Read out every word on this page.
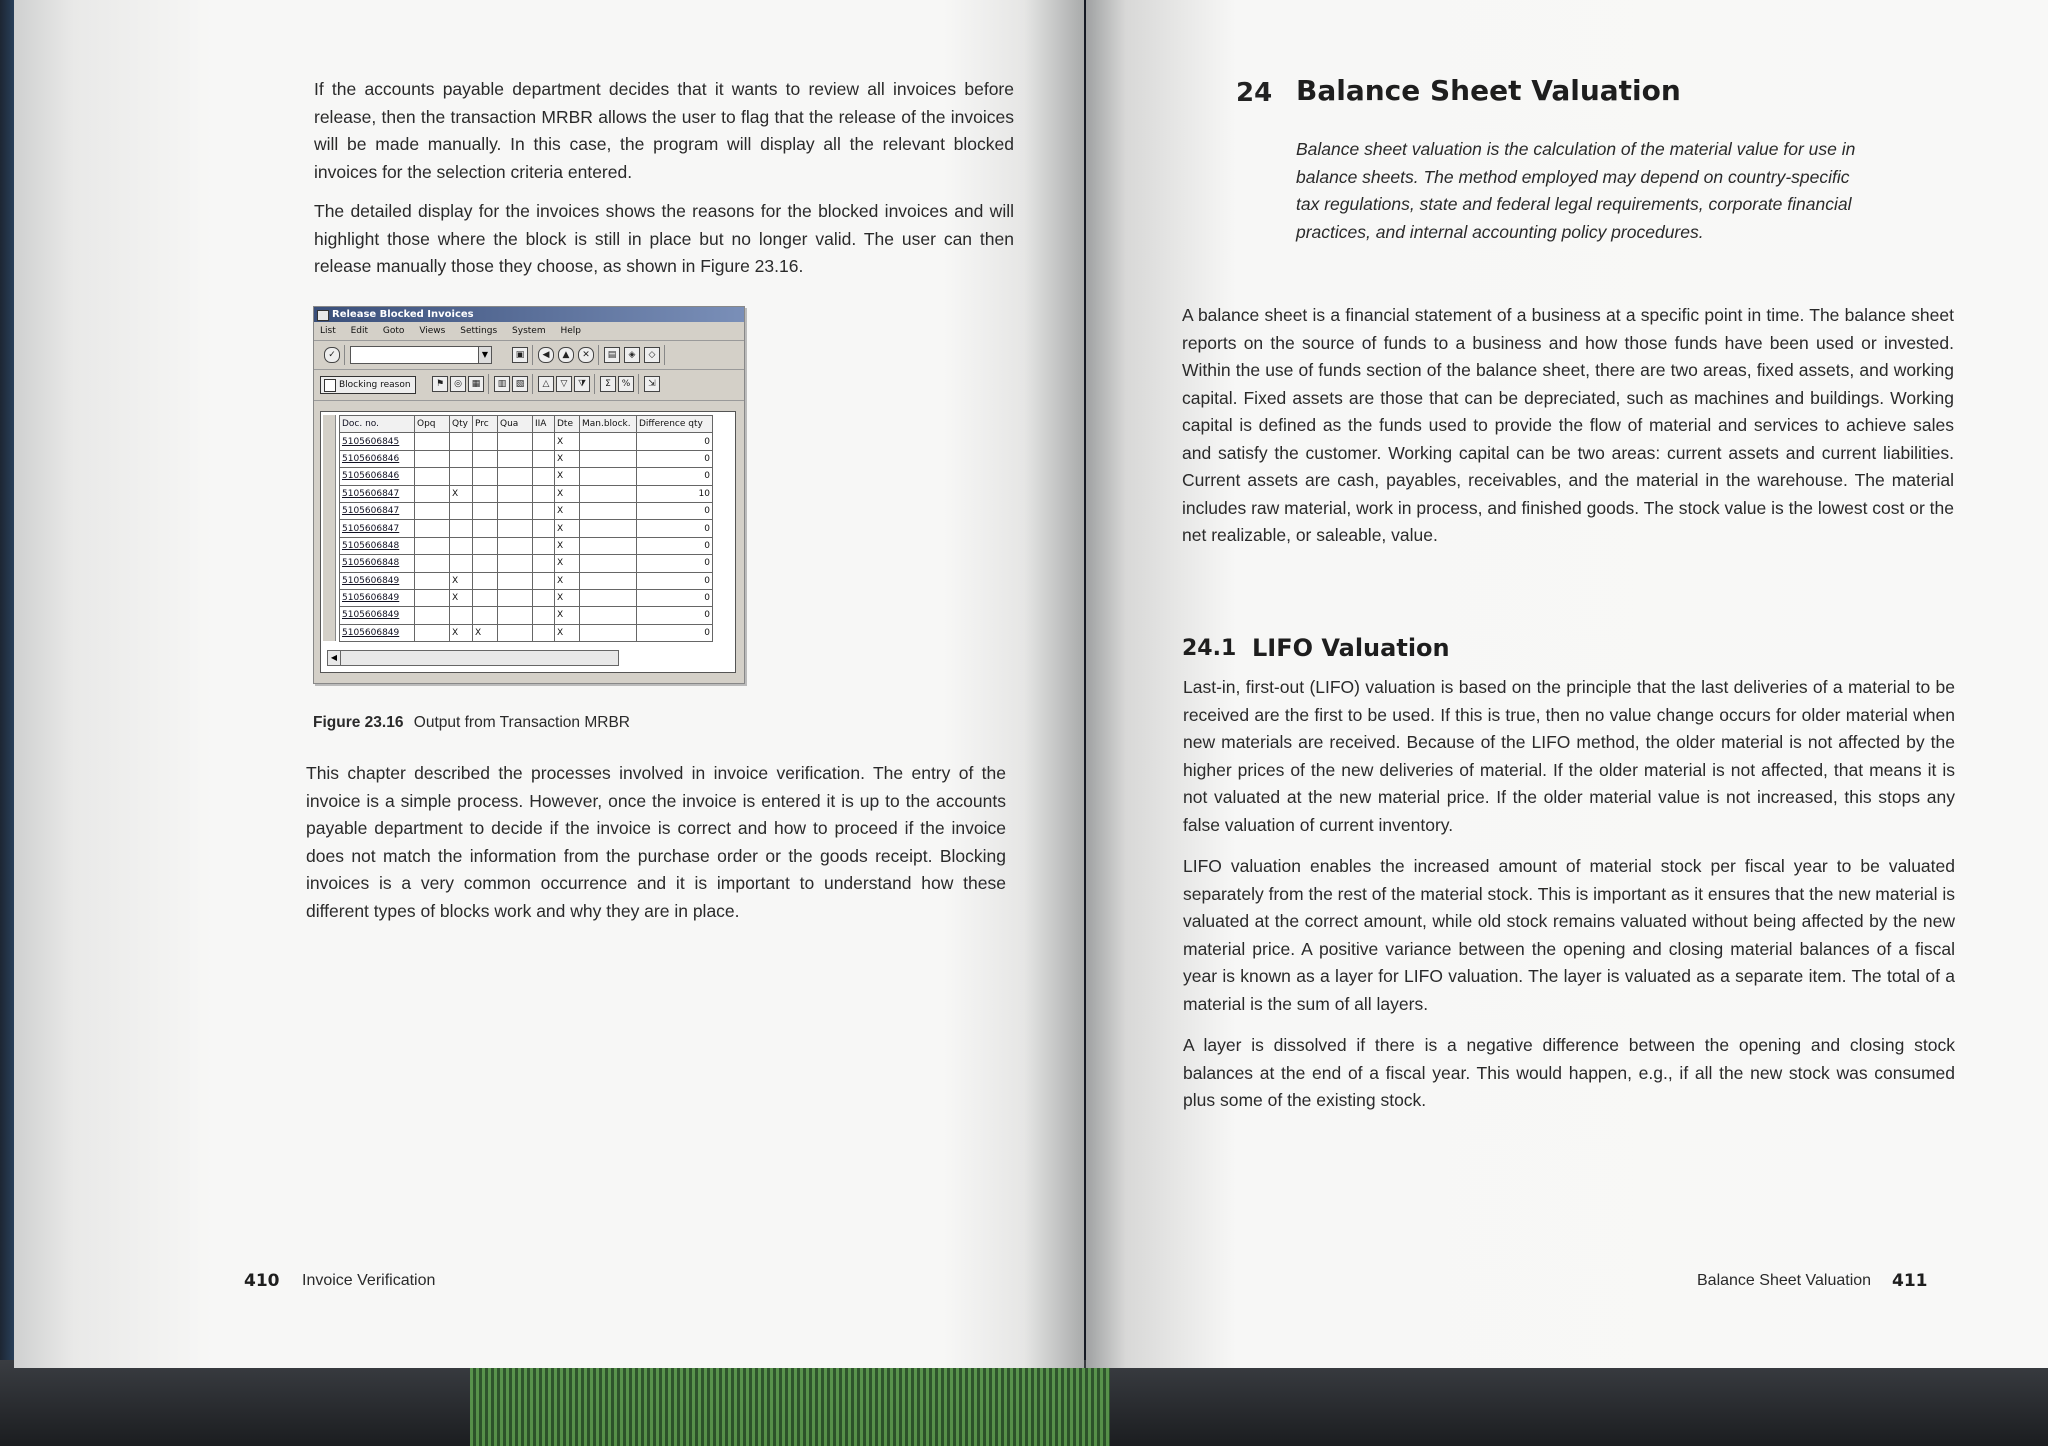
If the accounts payable department decides that it wants to review all invoices before release, then the transaction MRBR allows the user to flag that the release of the invoices will be made manually. In this case, the program will display all the relevant blocked invoices for the selection criteria entered.

The detailed display for the invoices shows the reasons for the blocked invoices and will highlight those where the block is still in place but no longer valid. The user can then release manually those they choose, as shown in Figure 23.16.

Release Blocked Invoices
List Edit Goto Views Settings System Help
✓	▼	▣	◀	▲	✕	▤	◈	◇
Blocking reason	⚑	◎	▦	▥	▧	△	▽	⧩	Σ	%	⇲
Doc. no.	Opq	Qty	Prc	Qua	IIA	Dte	Man.block.	Difference qty
5105606845						X		0
5105606846						X		0
5105606846						X		0
5105606847		X				X		10
5105606847						X		0
5105606847						X		0
5105606848						X		0
5105606848						X		0
5105606849		X				X		0
5105606849		X				X		0
5105606849						X		0
5105606849		X	X			X		0
◀
Figure 23.16 Output from Transaction MRBR

This chapter described the processes involved in invoice verification. The entry of the invoice is a simple process. However, once the invoice is entered it is up to the accounts payable department to decide if the invoice is correct and how to proceed if the invoice does not match the information from the purchase order or the goods receipt. Blocking invoices is a very common occurrence and it is important to understand how these different types of blocks work and why they are in place.

410 Invoice Verification
24 Balance Sheet Valuation
Balance sheet valuation is the calculation of the material value for use in balance sheets. The method employed may depend on country-specific tax regulations, state and federal legal requirements, corporate financial practices, and internal accounting policy procedures.
A balance sheet is a financial statement of a business at a specific point in time. The balance sheet reports on the source of funds to a business and how those funds have been used or invested. Within the use of funds section of the balance sheet, there are two areas, fixed assets, and working capital. Fixed assets are those that can be depreciated, such as machines and buildings. Working capital is defined as the funds used to provide the flow of material and services to achieve sales and satisfy the customer. Working capital can be two areas: current assets and current liabilities. Current assets are cash, payables, receivables, and the material in the warehouse. The material includes raw material, work in process, and finished goods. The stock value is the lowest cost or the net realizable, or saleable, value.
24.1 LIFO Valuation

Last-in, first-out (LIFO) valuation is based on the principle that the last deliveries of a material to be received are the first to be used. If this is true, then no value change occurs for older material when new materials are received. Because of the LIFO method, the older material is not affected by the higher prices of the new deliveries of material. If the older material is not affected, that means it is not valuated at the new material price. If the older material value is not increased, this stops any false valuation of current inventory.

LIFO valuation enables the increased amount of material stock per fiscal year to be valuated separately from the rest of the material stock. This is important as it ensures that the new material is valuated at the correct amount, while old stock remains valuated without being affected by the new material price. A positive variance between the opening and closing material balances of a fiscal year is known as a layer for LIFO valuation. The layer is valuated as a separate item. The total of a material is the sum of all layers.

A layer is dissolved if there is a negative difference between the opening and closing stock balances at the end of a fiscal year. This would happen, e.g., if all the new stock was consumed plus some of the existing stock.

Balance Sheet Valuation 411
